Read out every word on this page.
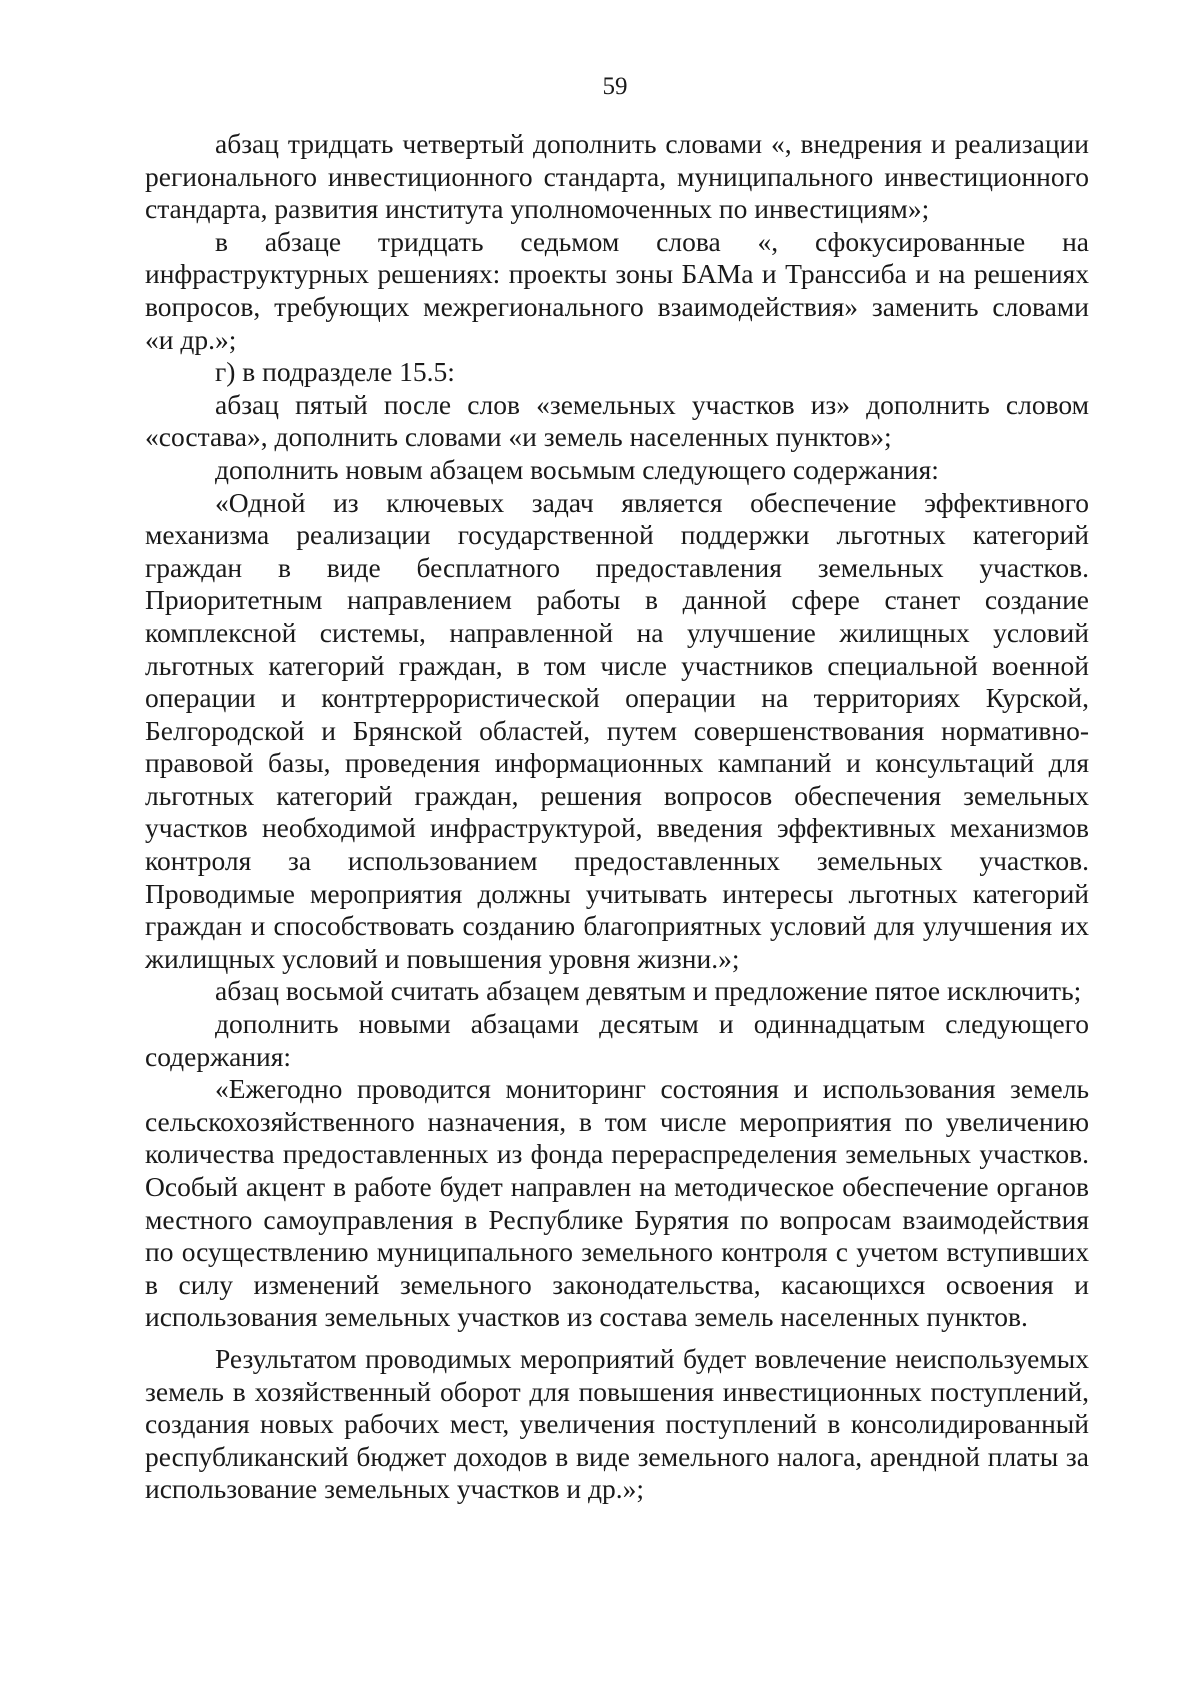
59

абзац тридцать четвертый дополнить словами «, внедрения и реализации регионального инвестиционного стандарта, муниципального инвестиционного стандарта, развития института уполномоченных по инвестициям»;

в абзаце тридцать седьмом слова «, сфокусированные на инфраструктурных решениях: проекты зоны БАМа и Транссиба и на решениях вопросов, требующих межрегионального взаимодействия» заменить словами «и др.»;

г) в подразделе 15.5:

абзац пятый после слов «земельных участков из» дополнить словом «состава», дополнить словами «и земель населенных пунктов»;

дополнить новым абзацем восьмым следующего содержания:

«Одной из ключевых задач является обеспечение эффективного механизма реализации государственной поддержки льготных категорий граждан в виде бесплатного предоставления земельных участков. Приоритетным направлением работы в данной сфере станет создание комплексной системы, направленной на улучшение жилищных условий льготных категорий граждан, в том числе участников специальной военной операции и контртеррористической операции на территориях Курской, Белгородской и Брянской областей, путем совершенствования нормативно-правовой базы, проведения информационных кампаний и консультаций для льготных категорий граждан, решения вопросов обеспечения земельных участков необходимой инфраструктурой, введения эффективных механизмов контроля за использованием предоставленных земельных участков. Проводимые мероприятия должны учитывать интересы льготных категорий граждан и способствовать созданию благоприятных условий для улучшения их жилищных условий и повышения уровня жизни.»;

абзац восьмой считать абзацем девятым и предложение пятое исключить;

дополнить новыми абзацами десятым и одиннадцатым следующего содержания:

«Ежегодно проводится мониторинг состояния и использования земель сельскохозяйственного назначения, в том числе мероприятия по увеличению количества предоставленных из фонда перераспределения земельных участков. Особый акцент в работе будет направлен на методическое обеспечение органов местного самоуправления в Республике Бурятия по вопросам взаимодействия по осуществлению муниципального земельного контроля с учетом вступивших в силу изменений земельного законодательства, касающихся освоения и использования земельных участков из состава земель населенных пунктов.

Результатом проводимых мероприятий будет вовлечение неиспользуемых земель в хозяйственный оборот для повышения инвестиционных поступлений, создания новых рабочих мест, увеличения поступлений в консолидированный республиканский бюджет доходов в виде земельного налога, арендной платы за использование земельных участков и др.»;
